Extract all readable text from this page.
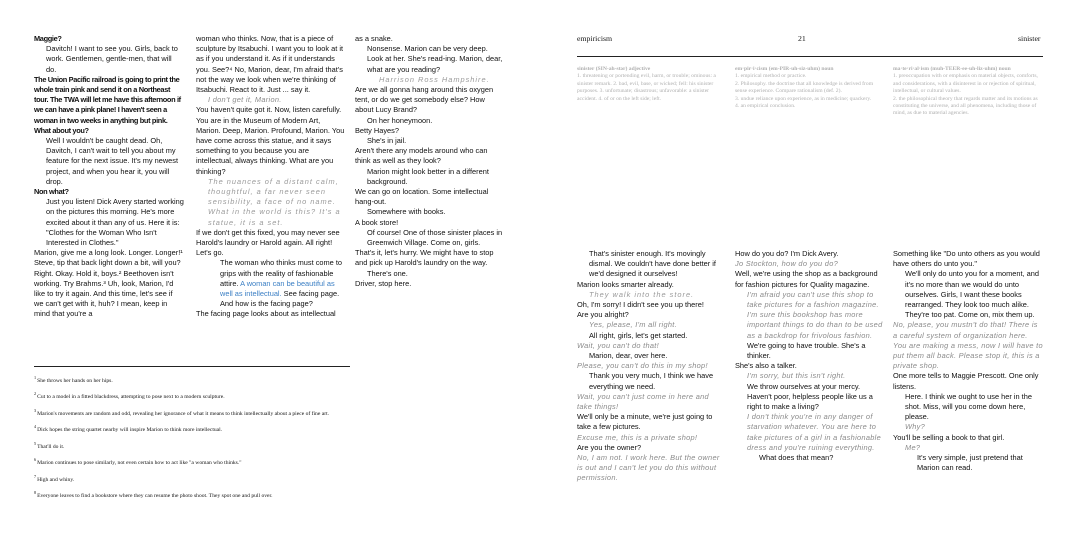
Maggie?

Davitch! I want to see you. Girls, back to work. Gentlemen, gentle-men, that will do.

The Union Pacific railroad is going to print the whole train pink and send it on a Northeast tour. The TWA will let me have this afternoon if we can have a pink plane! I haven't seen a woman in two weeks in anything but pink. What about you?

Well I wouldn't be caught dead. Oh, Davitch, I can't wait to tell you about my feature for the next issue. It's my newest project, and when you hear it, you will drop.

Non what?

Just you listen! Dick Avery started working on the pictures this morning. He's more excited about it than any of us. Here it is: "Clothes for the Woman Who Isn't Interested in Clothes."

Marion, give me a long look. Longer. Longer!¹ Steve, tip that back light down a bit, will you? Right. Okay. Hold it, boys.² Beethoven isn't working. Try Brahms.³ Uh, look, Marion, I'd like to try it again. And this time, let's see if we can't get with it, huh? I mean, keep in mind that you're a

woman who thinks. Now, that is a piece of sculpture by Itsabuchi. I want you to look at it as if you understand it. As if it understands you. See?⁴ No, Marion, dear, I'm afraid that's not the way we look when we're thinking of Itsabuchi. React to it. Just ... say it.

I don't get it, Marion.

You haven't quite got it. Now, listen carefully. You are in the Museum of Modern Art, Marion. Deep, Marion. Profound, Marion. You have come across this statue, and it says something to you because you are intellectual, always thinking. What are you thinking?

The nuances of a distant calm, thoughtful, a far never seen sensibility, a face of no name. What in the world is this? It's a statue, it is a set.

If we don't get this fixed, you may never see Harold's laundry or Harold again. All right! Let's go.

The woman who thinks must come to grips with the reality of fashionable attire. A woman can be beautiful as well as intellectual. See facing page. And how is the facing page?

The facing page looks about as intellectual

as a snake.

Nonsense. Marion can be very deep. Look at her. She's read-ing. Marion, dear, what are you reading?

Harrison Ross Hampshire.

Are we all gonna hang around this oxygen tent, or do we get somebody else? How about Lucy Brand?

On her honeymoon.

Betty Hayes?

She's in jail.

Aren't there any models around who can think as well as they look?

Marion might look better in a different background.

We can go on location. Some intellectual hang-out.

Somewhere with books.

A book store!

Of course! One of those sinister places in Greenwich Village. Come on, girls.

That's it, let's hurry. We might have to stop and pick up Harold's laundry on the way.

There's one.

Driver, stop here.

$^1$She throws her hands on her hips.

$^2$Cut to a model in a fitted blackdress, attempting to pose next to a modern sculpture.

$^3$Marion's movements are random and odd, revealing her ignorance of what it means to think intellectually about a piece of fine art.

$^4$Dick hopes the string quartet nearby will inspire Marion to think more intellectual.

$^5$That'll do it.

$^6$Marion continues to pose similarly, not even certain how to act like "a woman who thinks."

$^7$High and whiny.

$^8$Everyone leaves to find a bookstore where they can resume the photo shoot. They spot one and pull over.

empiricism	21	sinister

sinister (SIN-ah-stər) adjective

1. threatening or portending evil, harm, or trouble; ominous: a sinister remark. 2. bad, evil, base, or wicked; fell: his sinister purposes. 3. unfortunate; disastrous; unfavorable: a sinister accident. 4. of or on the left side; left.

em·pir·i·cism (em-PIR-uh-siz-uhm) noun

1. empirical method or practice.

2. Philosophy. the doctrine that all knowledge is derived from sense experience. Compare rationalism (def. 2).

3. undue reliance upon experience, as in medicine; quackery.

4. an empirical conclusion.

ma·te·ri·al·ism (muh-TEER-ee-uh-liz-uhm) noun

1. preoccupation with or emphasis on material objects, comforts, and considerations, with a disinterest in or rejection of spiritual, intellectual, or cultural values.

2. the philosophical theory that regards matter and its motions as constituting the universe, and all phenomena, including those of mind, as due to material agencies.

That's sinister enough. It's movingly dismal. We couldn't have done better if we'd designed it ourselves!

Marion looks smarter already.

They walk into the store.

Oh, I'm sorry! I didn't see you up there!

Are you alright?

Yes, please, I'm all right.

All right, girls, let's get started.

Wait, you can't do that!

Marion, dear, over here.

Please, you can't do this in my shop!

Thank you very much, I think we have everything we need.

Wait, you can't just come in here and take things!

We'll only be a minute, we're just going to take a few pictures.

Excuse me, this is a private shop!

Are you the owner?

No, I am not. I work here. But the owner is out and I can't let you do this without permission.

How do you do? I'm Dick Avery.

Jo Stockton, how do you do?

Well, we're using the shop as a background for fashion pictures for Quality magazine.

I'm afraid you can't use this shop to take pictures for a fashion magazine. I'm sure this bookshop has more important things to do than to be used as a backdrop for frivolous fashion.

We're going to have trouble. She's a thinker.

She's also a talker.

I'm sorry, but this isn't right.

We throw ourselves at your mercy. Haven't poor, helpless people like us a right to make a living?

I don't think you're in any danger of starvation whatever. You are here to take pictures of a girl in a fashionable dress and you're ruining everything.

What does that mean?

Something like "Do unto others as you would have others do unto you."

We'll only do unto you for a moment, and it's no more than we would do unto ourselves. Girls, I want these books rearranged. They look too much alike. They're too pat. Come on, mix them up.

No, please, you mustn't do that! There is a careful system of organization here. You are making a mess, now I will have to put them all back. Please stop it, this is a private shop.

One more tells to Maggie Prescott. One only listens.

Here. I think we ought to use her in the shot. Miss, will you come down here, please.

Why?

You'll be selling a book to that girl.

Me?

It's very simple, just pretend that Marion can read.
